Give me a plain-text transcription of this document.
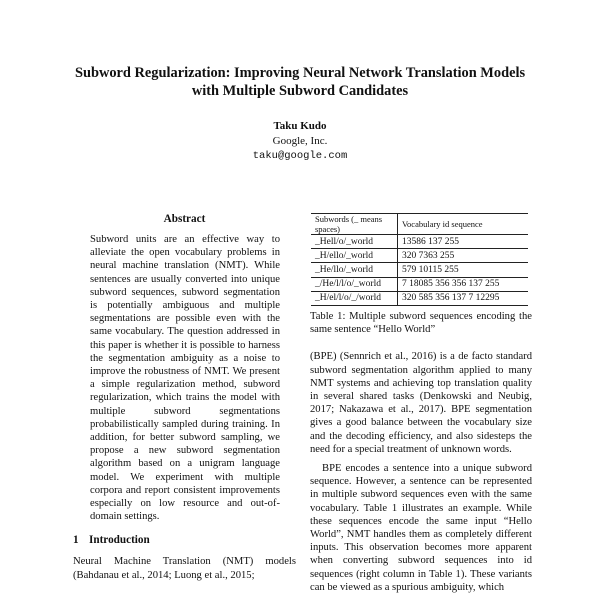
Subword Regularization: Improving Neural Network Translation Models
with Multiple Subword Candidates
Taku Kudo
Google, Inc.
taku@google.com
Abstract
Subword units are an effective way to alleviate the open vocabulary problems in neural machine translation (NMT). While sentences are usually converted into unique subword sequences, subword segmentation is potentially ambiguous and multiple segmentations are possible even with the same vocabulary. The question addressed in this paper is whether it is possible to harness the segmentation ambiguity as a noise to improve the robustness of NMT. We present a simple regularization method, subword regularization, which trains the model with multiple subword segmentations probabilistically sampled during training. In addition, for better subword sampling, we propose a new subword segmentation algorithm based on a unigram language model. We experiment with multiple corpora and report consistent improvements especially on low resource and out-of-domain settings.
1 Introduction
Neural Machine Translation (NMT) models (Bahdanau et al., 2014; Luong et al., 2015;
Subwords (_ means spaces)	Vocabulary id sequence
_Hell/o/_world	13586 137 255
_H/ello/_world	320 7363 255
_He/llo/_world	579 10115 255
_/He/l/l/o/_world	7 18085 356 356 137 255
_H/el/l/o/_/world	320 585 356 137 7 12295
Table 1: Multiple subword sequences encoding the same sentence “Hello World”
(BPE) (Sennrich et al., 2016) is a de facto standard subword segmentation algorithm applied to many NMT systems and achieving top translation quality in several shared tasks (Denkowski and Neubig, 2017; Nakazawa et al., 2017). BPE segmentation gives a good balance between the vocabulary size and the decoding efficiency, and also sidesteps the need for a special treatment of unknown words.
BPE encodes a sentence into a unique subword sequence. However, a sentence can be represented in multiple subword sequences even with the same vocabulary. Table 1 illustrates an example. While these sequences encode the same input “Hello World”, NMT handles them as completely different inputs. This observation becomes more apparent when converting subword sequences into id sequences (right column in Table 1). These variants can be viewed as a spurious ambiguity, which
